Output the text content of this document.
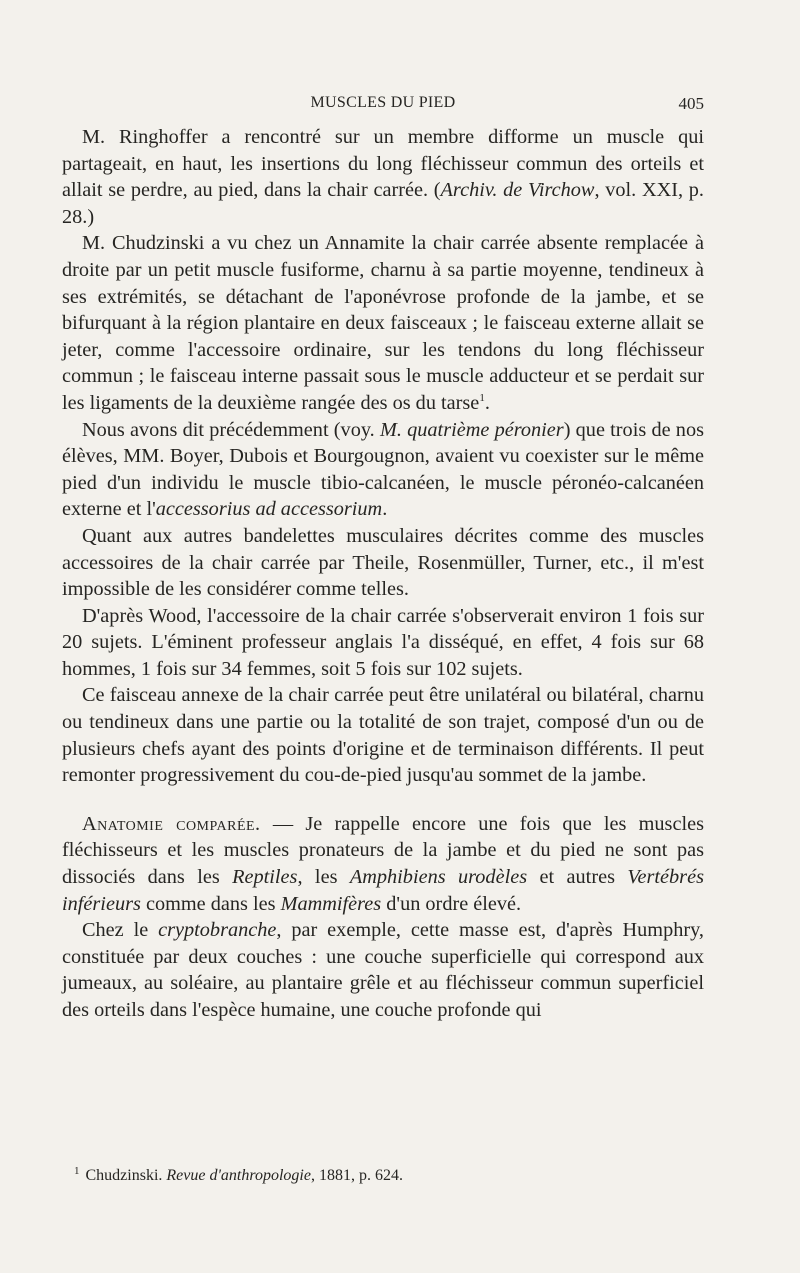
MUSCLES DU PIED	405

M. Ringhoffer a rencontré sur un membre difforme un muscle qui partageait, en haut, les insertions du long fléchisseur commun des orteils et allait se perdre, au pied, dans la chair carrée. (Archiv. de Virchow, vol. XXI, p. 28.)

M. Chudzinski a vu chez un Annamite la chair carrée absente remplacée à droite par un petit muscle fusiforme, charnu à sa partie moyenne, tendineux à ses extrémités, se détachant de l'aponévrose profonde de la jambe, et se bifurquant à la région plantaire en deux faisceaux ; le faisceau externe allait se jeter, comme l'accessoire ordinaire, sur les tendons du long fléchisseur commun ; le faisceau interne passait sous le muscle adducteur et se perdait sur les ligaments de la deuxième rangée des os du tarse$^1$.

Nous avons dit précédemment (voy. M. quatrième péronier) que trois de nos élèves, MM. Boyer, Dubois et Bourgougnon, avaient vu coexister sur le même pied d'un individu le muscle tibio-calcanéen, le muscle péronéo-calcanéen externe et l'accessorius ad accessorium.

Quant aux autres bandelettes musculaires décrites comme des muscles accessoires de la chair carrée par Theile, Rosenmüller, Turner, etc., il m'est impossible de les considérer comme telles.

D'après Wood, l'accessoire de la chair carrée s'observerait environ 1 fois sur 20 sujets. L'éminent professeur anglais l'a disséqué, en effet, 4 fois sur 68 hommes, 1 fois sur 34 femmes, soit 5 fois sur 102 sujets.

Ce faisceau annexe de la chair carrée peut être unilatéral ou bilatéral, charnu ou tendineux dans une partie ou la totalité de son trajet, composé d'un ou de plusieurs chefs ayant des points d'origine et de terminaison différents. Il peut remonter progressivement du cou-de-pied jusqu'au sommet de la jambe.

Anatomie comparée. — Je rappelle encore une fois que les muscles fléchisseurs et les muscles pronateurs de la jambe et du pied ne sont pas dissociés dans les Reptiles, les Amphibiens urodèles et autres Vertébrés inférieurs comme dans les Mammifères d'un ordre élevé.

Chez le cryptobranche, par exemple, cette masse est, d'après Humphry, constituée par deux couches : une couche superficielle qui correspond aux jumeaux, au soléaire, au plantaire grêle et au fléchisseur commun superficiel des orteils dans l'espèce humaine, une couche profonde qui

$^1$ Chudzinski. Revue d'anthropologie, 1881, p. 624.
